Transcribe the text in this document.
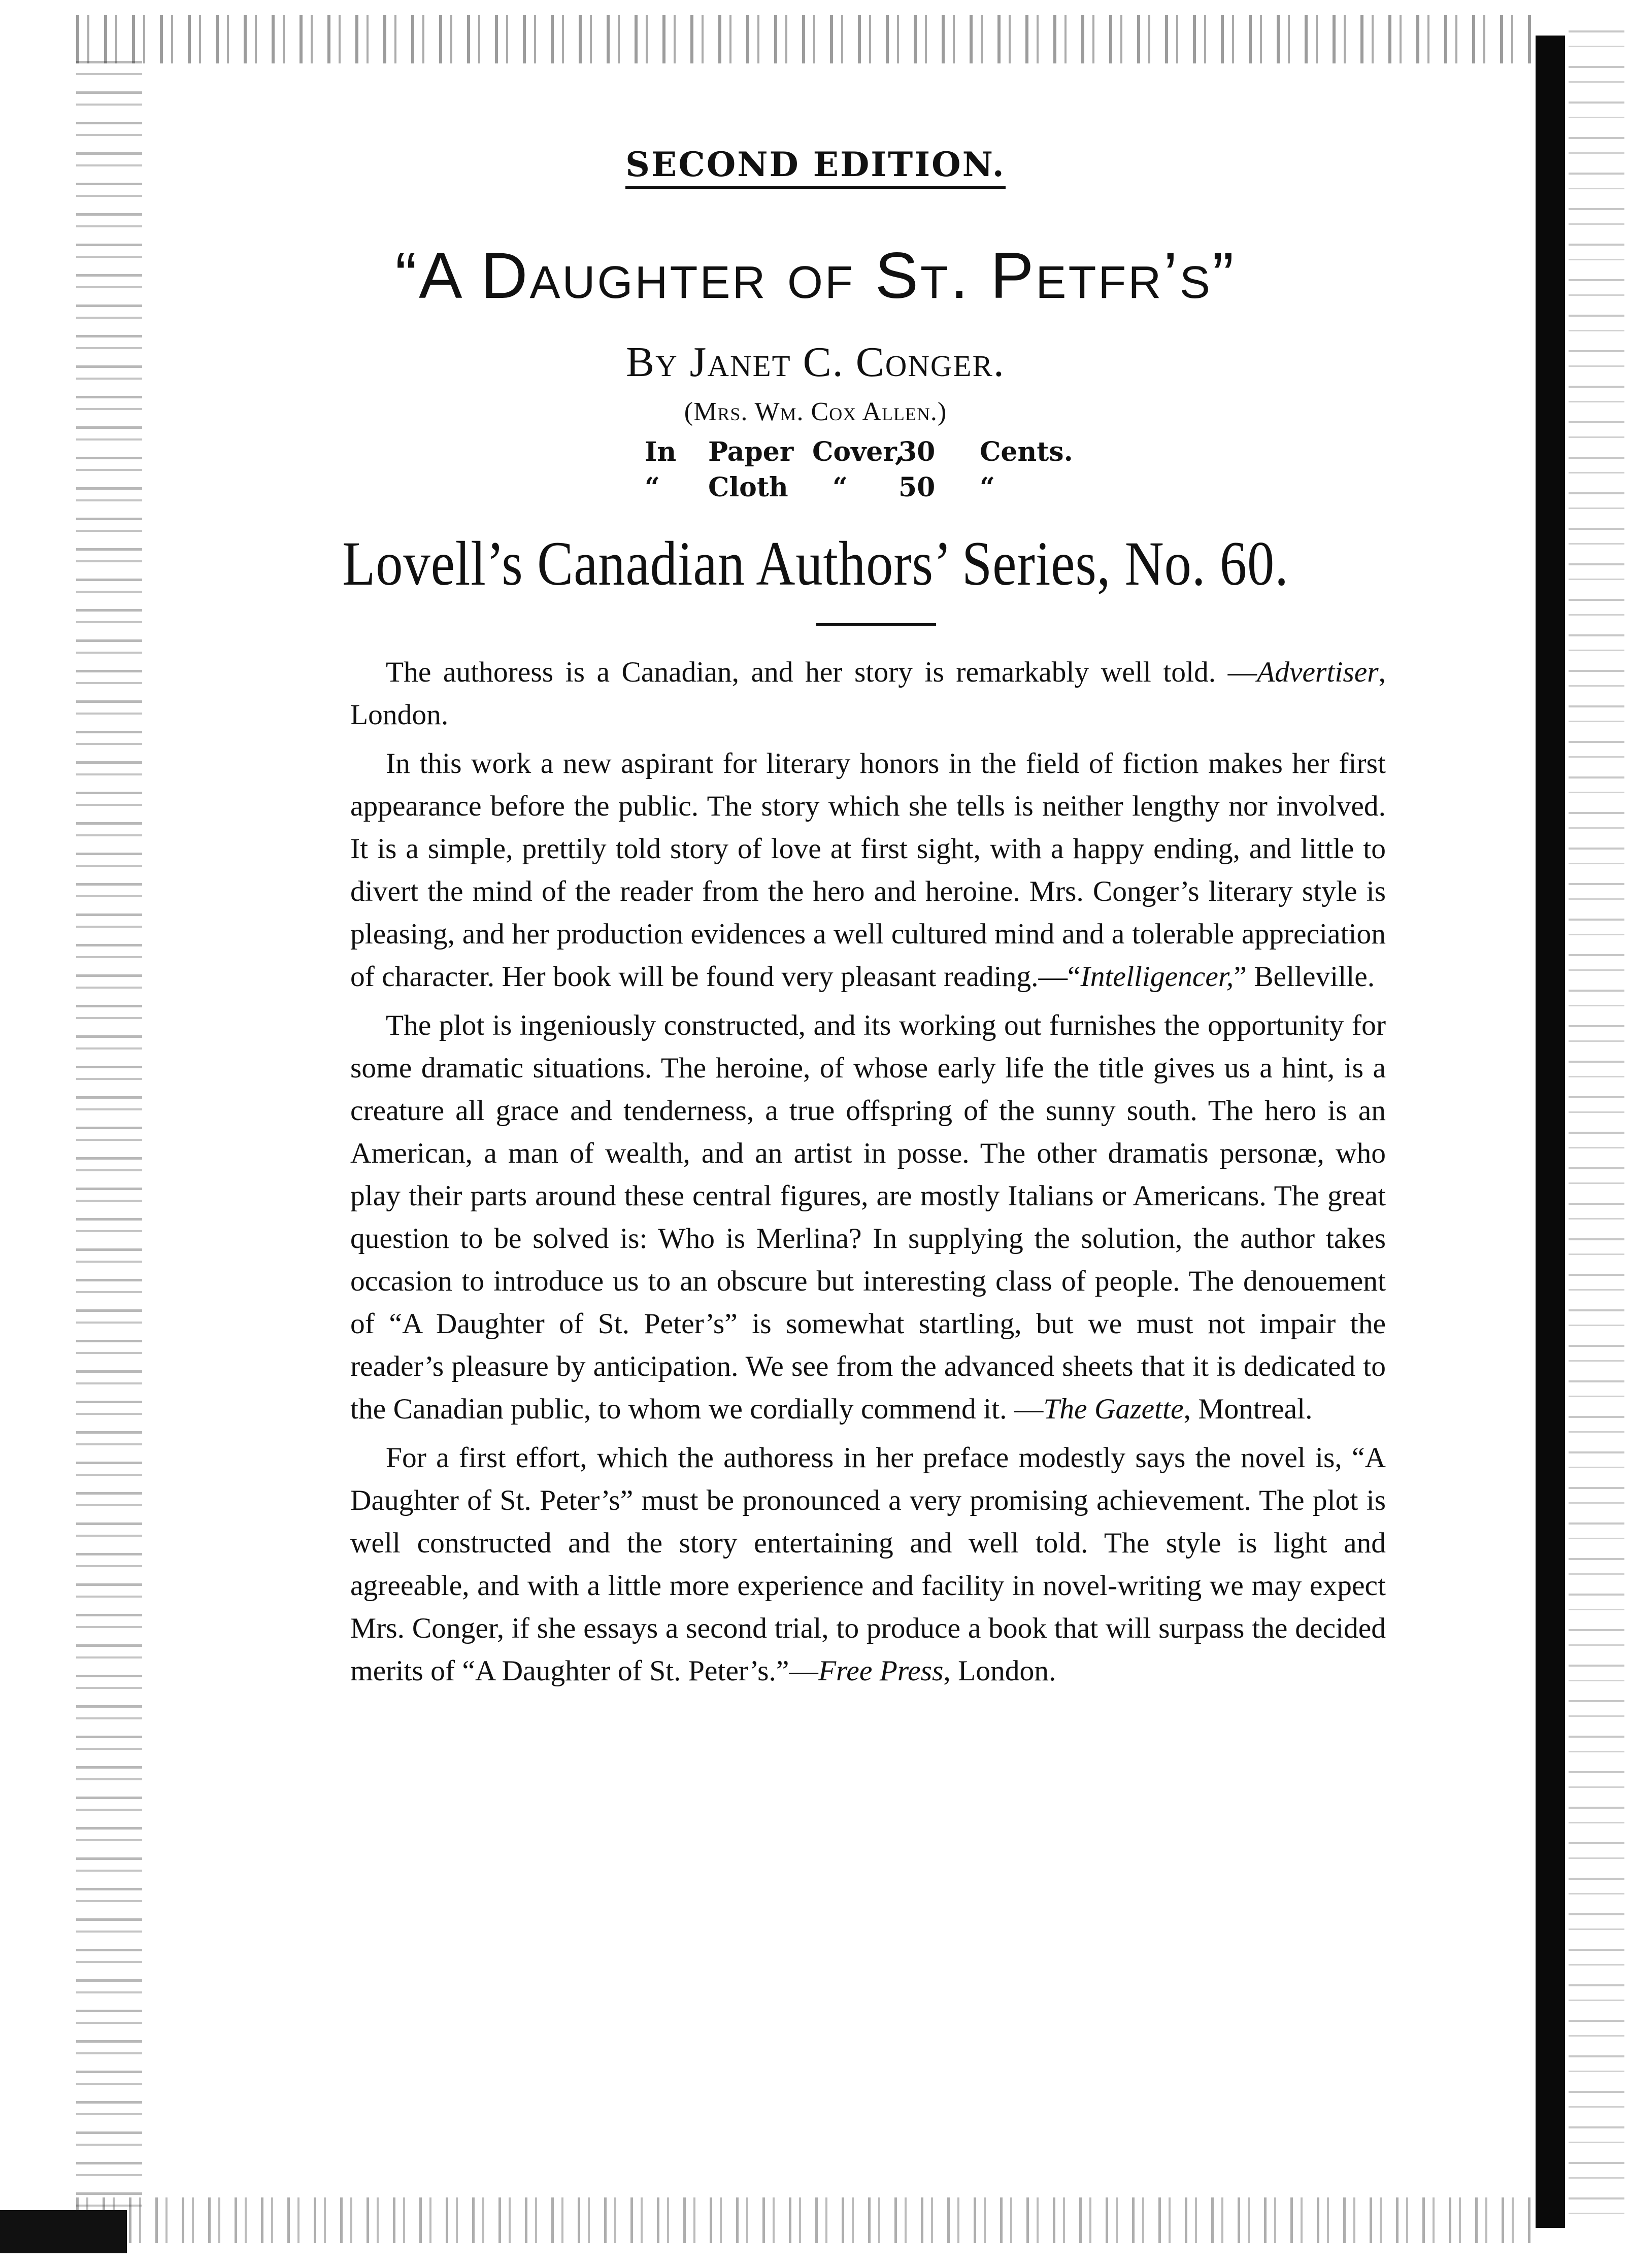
SECOND EDITION.
“A Daughter of St. Petfr’s”
By Janet C. Conger.
(Mrs. Wm. Cox Allen.)
In Paper Cover,
30 Cents.
“ Cloth “ 50 “
Lovell’s Canadian Authors’ Series, No. 60.

The authoress is a Canadian, and her story is remarkably well told. —Advertiser, London.

In this work a new aspirant for literary honors in the field of fiction makes her first appearance before the public. The story which she tells is neither lengthy nor involved. It is a simple, prettily told story of love at first sight, with a happy ending, and little to divert the mind of the reader from the hero and heroine. Mrs. Conger’s literary style is pleasing, and her production evidences a well cultured mind and a tolerable appreciation of character. Her book will be found very pleasant reading.—“Intelligencer,” Belleville.

The plot is ingeniously constructed, and its working out furnishes the opportunity for some dramatic situations. The heroine, of whose early life the title gives us a hint, is a creature all grace and tenderness, a true offspring of the sunny south. The hero is an American, a man of wealth, and an artist in posse. The other dramatis personæ, who play their parts around these central figures, are mostly Italians or Americans. The great question to be solved is: Who is Merlina? In supplying the solution, the author takes occasion to introduce us to an obscure but interesting class of people. The denouement of “A Daughter of St. Peter’s” is somewhat startling, but we must not impair the reader’s pleasure by anticipation. We see from the advanced sheets that it is dedicated to the Canadian public, to whom we cordially commend it. —The Gazette, Montreal.

For a first effort, which the authoress in her preface modestly says the novel is, “A Daughter of St. Peter’s” must be pronounced a very promising achievement. The plot is well constructed and the story entertaining and well told. The style is light and agreeable, and with a little more experience and facility in novel-writing we may expect Mrs. Conger, if she essays a second trial, to produce a book that will surpass the decided merits of “A Daughter of St. Peter’s.”—Free Press, London.
